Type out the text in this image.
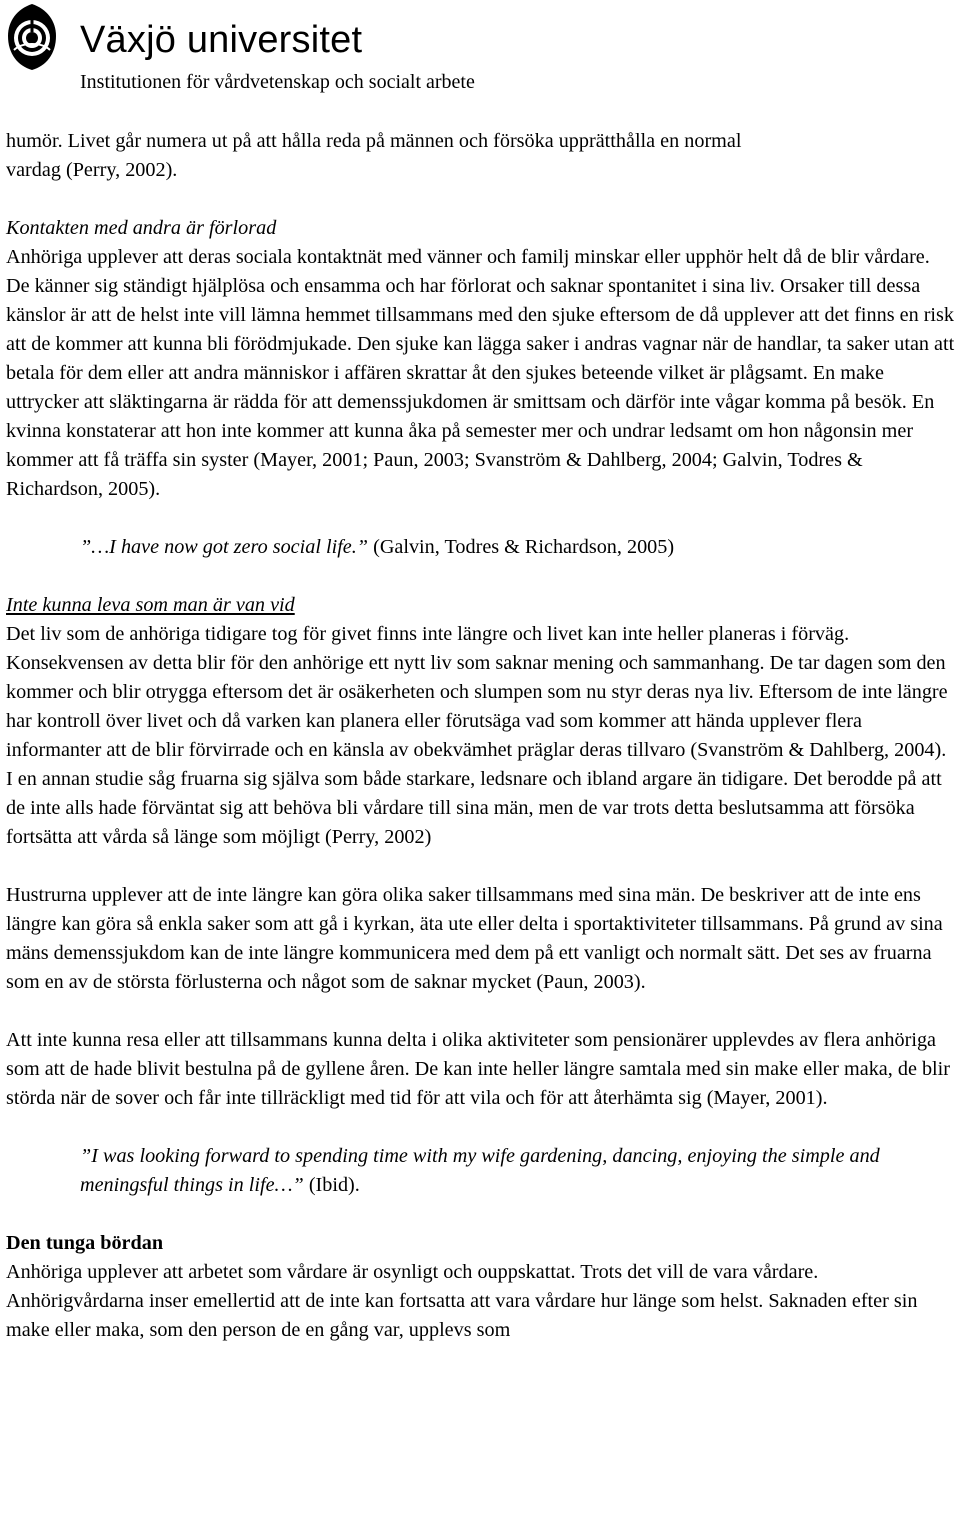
Växjö universitet
Institutionen för vårdvetenskap och socialt arbete

humör. Livet går numera ut på att hålla reda på männen och försöka upprätthålla en normal

vardag (Perry, 2002).

Kontakten med andra är förlorad

Anhöriga upplever att deras sociala kontaktnät med vänner och familj minskar eller upphör helt då de blir vårdare. De känner sig ständigt hjälplösa och ensamma och har förlorat och saknar spontanitet i sina liv. Orsaker till dessa känslor är att de helst inte vill lämna hemmet tillsammans med den sjuke eftersom de då upplever att det finns en risk att de kommer att kunna bli förödmjukade. Den sjuke kan lägga saker i andras vagnar när de handlar, ta saker utan att betala för dem eller att andra människor i affären skrattar åt den sjukes beteende vilket är plågsamt. En make uttrycker att släktingarna är rädda för att demenssjukdomen är smittsam och därför inte vågar komma på besök. En kvinna konstaterar att hon inte kommer att kunna åka på semester mer och undrar ledsamt om hon någonsin mer kommer att få träffa sin syster (Mayer, 2001; Paun, 2003; Svanström & Dahlberg, 2004; Galvin, Todres & Richardson, 2005).

”…I have now got zero social life.” (Galvin, Todres & Richardson, 2005)

Inte kunna leva som man är van vid

Det liv som de anhöriga tidigare tog för givet finns inte längre och livet kan inte heller planeras i förväg. Konsekvensen av detta blir för den anhörige ett nytt liv som saknar mening och sammanhang. De tar dagen som den kommer och blir otrygga eftersom det är osäkerheten och slumpen som nu styr deras nya liv. Eftersom de inte längre har kontroll över livet och då varken kan planera eller förutsäga vad som kommer att hända upplever flera informanter att de blir förvirrade och en känsla av obekvämhet präglar deras tillvaro (Svanström & Dahlberg, 2004). I en annan studie såg fruarna sig själva som både starkare, ledsnare och ibland argare än tidigare. Det berodde på att de inte alls hade förväntat sig att behöva bli vårdare till sina män, men de var trots detta beslutsamma att försöka fortsätta att vårda så länge som möjligt (Perry, 2002)

Hustrurna upplever att de inte längre kan göra olika saker tillsammans med sina män. De beskriver att de inte ens längre kan göra så enkla saker som att gå i kyrkan, äta ute eller delta i sportaktiviteter tillsammans. På grund av sina mäns demenssjukdom kan de inte längre kommunicera med dem på ett vanligt och normalt sätt. Det ses av fruarna som en av de största förlusterna och något som de saknar mycket (Paun, 2003).

Att inte kunna resa eller att tillsammans kunna delta i olika aktiviteter som pensionärer upplevdes av flera anhöriga som att de hade blivit bestulna på de gyllene åren. De kan inte heller längre samtala med sin make eller maka, de blir störda när de sover och får inte tillräckligt med tid för att vila och för att återhämta sig (Mayer, 2001).

”I was looking forward to spending time with my wife gardening, dancing, enjoying the simple and meningsful things in life…” (Ibid).

Den tunga bördan

Anhöriga upplever att arbetet som vårdare är osynligt och ouppskattat. Trots det vill de vara vårdare. Anhörigvårdarna inser emellertid att de inte kan fortsatta att vara vårdare hur länge som helst. Saknaden efter sin make eller maka, som den person de en gång var, upplevs som
